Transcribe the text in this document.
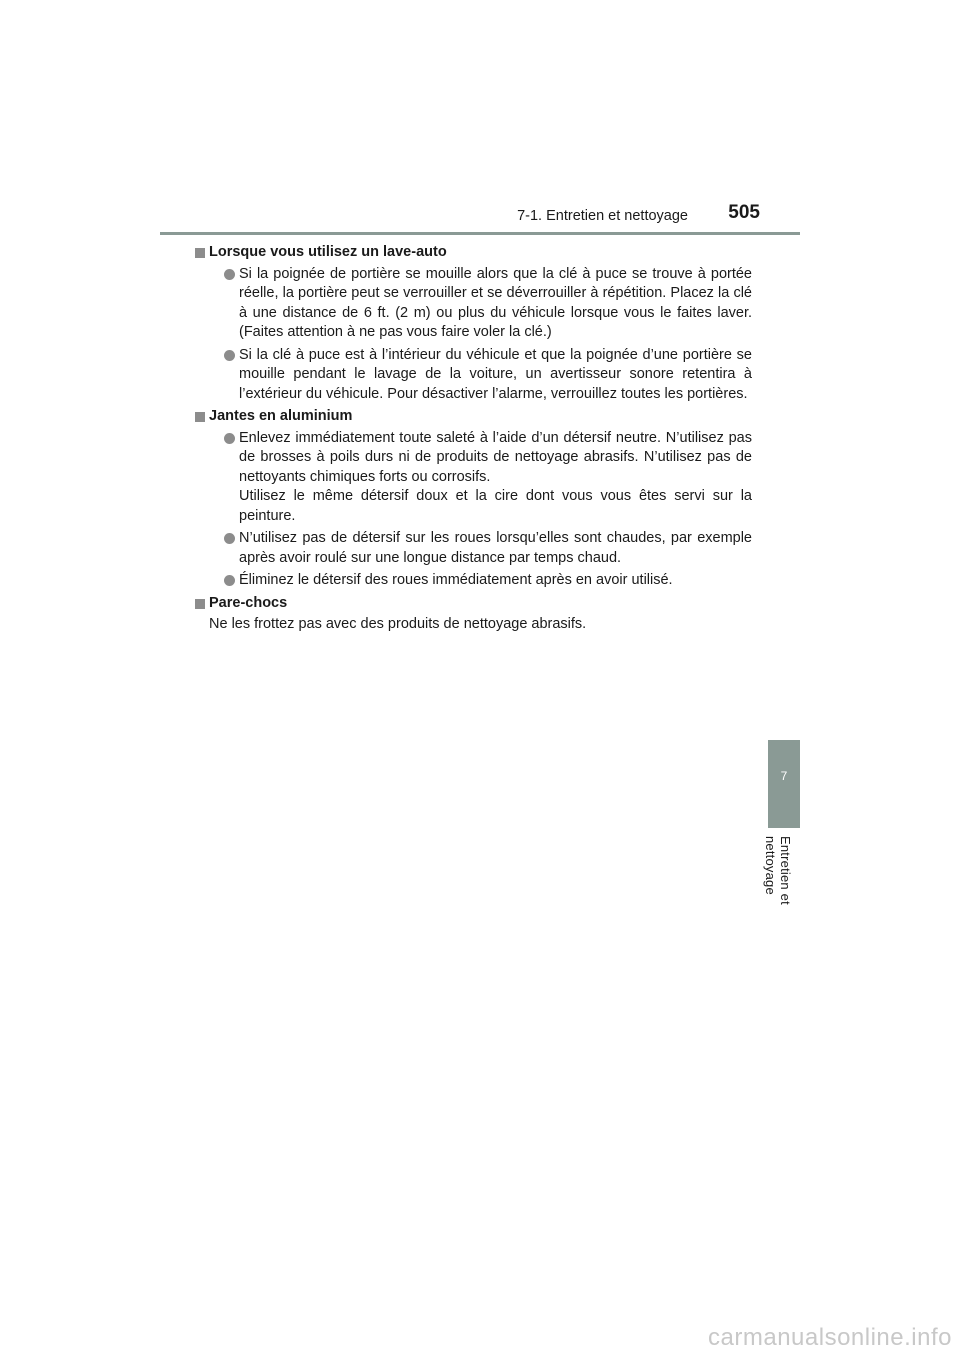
7-1. Entretien et nettoyage 505
Lorsque vous utilisez un lave-auto

Si la poignée de portière se mouille alors que la clé à puce se trouve à portée réelle, la portière peut se verrouiller et se déverrouiller à répétition. Placez la clé à une distance de 6 ft. (2 m) ou plus du véhicule lorsque vous le faites laver. (Faites attention à ne pas vous faire voler la clé.)

Si la clé à puce est à l’intérieur du véhicule et que la poignée d’une portière se mouille pendant le lavage de la voiture, un avertisseur sonore retentira à l’extérieur du véhicule. Pour désactiver l’alarme, verrouillez toutes les portières.

Jantes en aluminium

Enlevez immédiatement toute saleté à l’aide d’un détersif neutre. N’utilisez pas de brosses à poils durs ni de produits de nettoyage abrasifs. N’utilisez pas de nettoyants chimiques forts ou corrosifs.

Utilisez le même détersif doux et la cire dont vous vous êtes servi sur la peinture.

N’utilisez pas de détersif sur les roues lorsqu’elles sont chaudes, par exemple après avoir roulé sur une longue distance par temps chaud.

Éliminez le détersif des roues immédiatement après en avoir utilisé.

Pare-chocs

Ne les frottez pas avec des produits de nettoyage abrasifs.

7
Entretien et nettoyage
carmanualsonline.info
